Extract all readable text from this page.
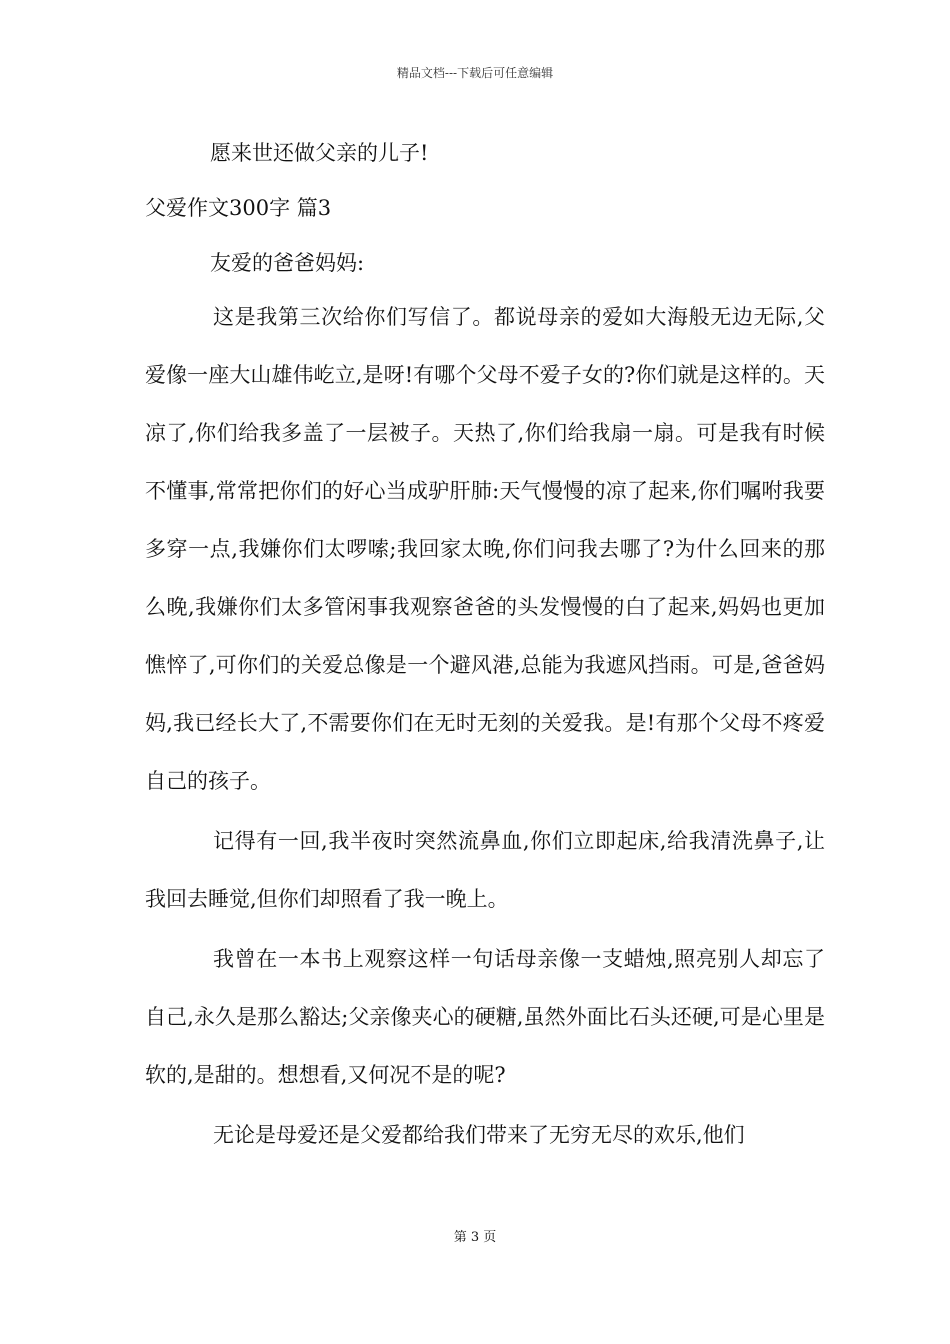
精品文档---下载后可任意编辑

愿来世还做父亲的儿子!

父爱作文300字 篇3

友爱的爸爸妈妈:

这是我第三次给你们写信了。都说母亲的爱如大海般无边无际,父爱像一座大山雄伟屹立,是呀!有哪个父母不爱子女的?你们就是这样的。天凉了,你们给我多盖了一层被子。天热了,你们给我扇一扇。可是我有时候不懂事,常常把你们的好心当成驴肝肺:天气慢慢的凉了起来,你们嘱咐我要多穿一点,我嫌你们太啰嗦;我回家太晚,你们问我去哪了?为什么回来的那么晚,我嫌你们太多管闲事我观察爸爸的头发慢慢的白了起来,妈妈也更加憔悴了,可你们的关爱总像是一个避风港,总能为我遮风挡雨。可是,爸爸妈妈,我已经长大了,不需要你们在无时无刻的关爱我。是!有那个父母不疼爱自己的孩子。

记得有一回,我半夜时突然流鼻血,你们立即起床,给我清洗鼻子,让我回去睡觉,但你们却照看了我一晚上。

我曾在一本书上观察这样一句话母亲像一支蜡烛,照亮别人却忘了自己,永久是那么豁达;父亲像夹心的硬糖,虽然外面比石头还硬,可是心里是软的,是甜的。想想看,又何况不是的呢?

无论是母爱还是父爱都给我们带来了无穷无尽的欢乐,他们

第 3 页
